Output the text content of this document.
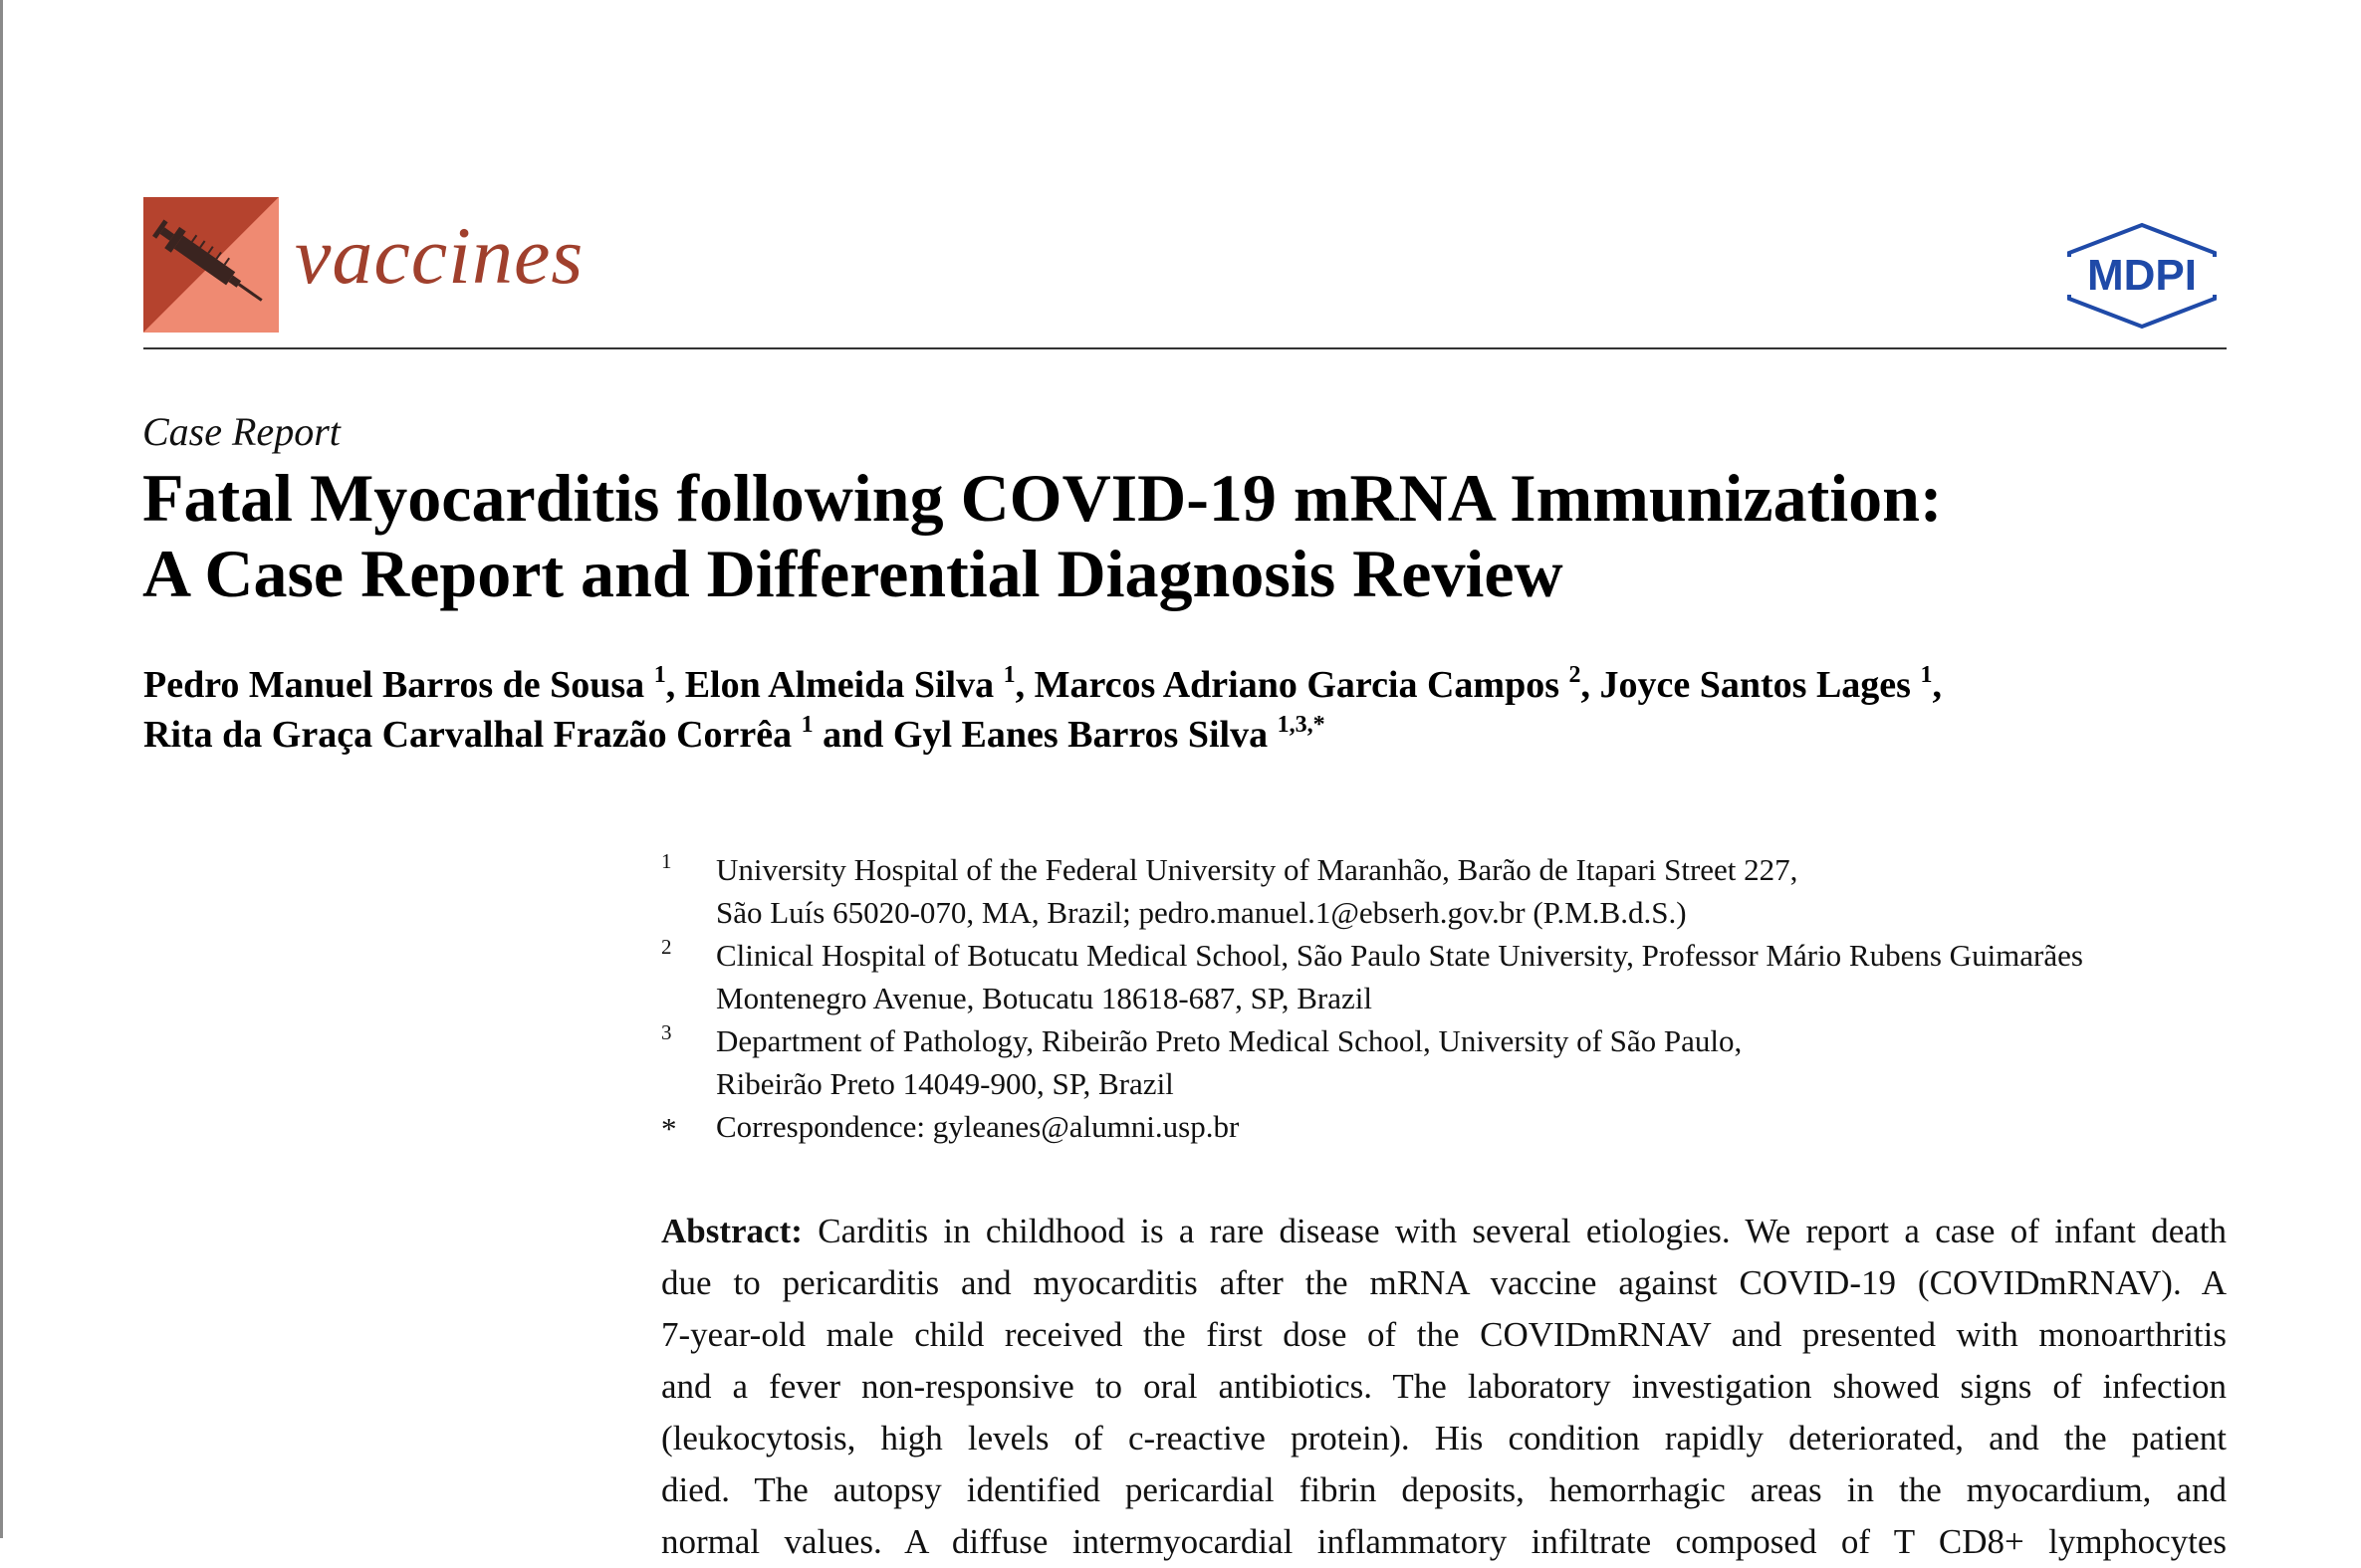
vaccines	MDPI
Case Report
Fatal Myocarditis following COVID-19 mRNA Immunization:
A Case Report and Differential Diagnosis Review
Pedro Manuel Barros de Sousa $^1$, Elon Almeida Silva $^1$, Marcos Adriano Garcia Campos $^2$, Joyce Santos Lages $^1$,
Rita da Graça Carvalhal Frazão Corrêa $^1$ and Gyl Eanes Barros Silva $^{1,3,*}$
1 University Hospital of the Federal University of Maranhão, Barão de Itapari Street 227,
São Luís 65020-070, MA, Brazil; pedro.manuel.1@ebserh.gov.br (P.M.B.d.S.)
2 Clinical Hospital of Botucatu Medical School, São Paulo State University, Professor Mário Rubens Guimarães
Montenegro Avenue, Botucatu 18618-687, SP, Brazil
3 Department of Pathology, Ribeirão Preto Medical School, University of São Paulo,
Ribeirão Preto 14049-900, SP, Brazil
* Correspondence: gyleanes@alumni.usp.br
Abstract: Carditis in childhood is a rare disease with several etiologies. We report a case of infant death
due to pericarditis and myocarditis after the mRNA vaccine against COVID-19 (COVIDmRNAV). A
7-year-old male child received the first dose of the COVIDmRNAV and presented with monoarthritis
and a fever non-responsive to oral antibiotics. The laboratory investigation showed signs of infection
(leukocytosis, high levels of c-reactive protein). His condition rapidly deteriorated, and the patient
died. The autopsy identified pericardial fibrin deposits, hemorrhagic areas in the myocardium, and
normal values. A diffuse intermyocardial inflammatory infiltrate composed of T CD8+ lymphocytes
